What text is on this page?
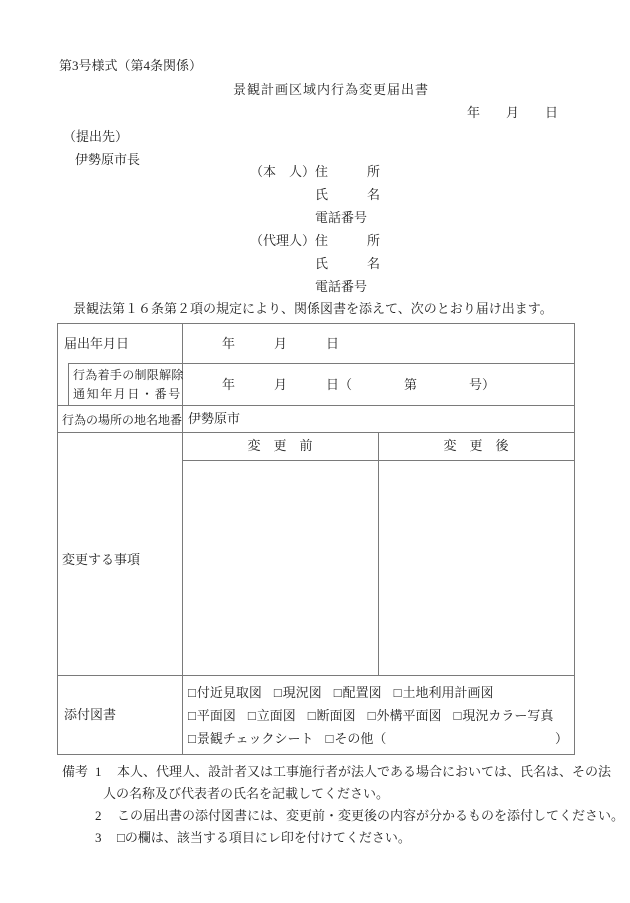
第3号様式（第4条関係）
景観計画区域内行為変更届出書
年　　月　　日
（提出先）
伊勢原市長
（本　人）住　　　所
氏　　　名
電話番号
（代理人）住　　　所
氏　　　名
電話番号
景観法第１６条第２項の規定により、関係図書を添えて、次のとおり届け出ます。
届出年月日	年　　　月　　　日
行為着手の制限解除
通知年月日・番号
年　　　月　　　日（　　　　第　　　　号）
行為の場所の地名地番 伊勢原市
変更する事項
変　更　前	変　更　後
添付図書
□付近見取図 □現況図 □配置図 □土地利用計画図
□平面図 □立面図 □断面図 □外構平面図 □現況カラー写真
□景観チェックシート □その他（	）
備考 1 本人、代理人、設計者又は工事施行者が法人である場合においては、氏名は、その法
人の名称及び代表者の氏名を記載してください。
2 この届出書の添付図書には、変更前・変更後の内容が分かるものを添付してください。
3 □の欄は、該当する項目にレ印を付けてください。
